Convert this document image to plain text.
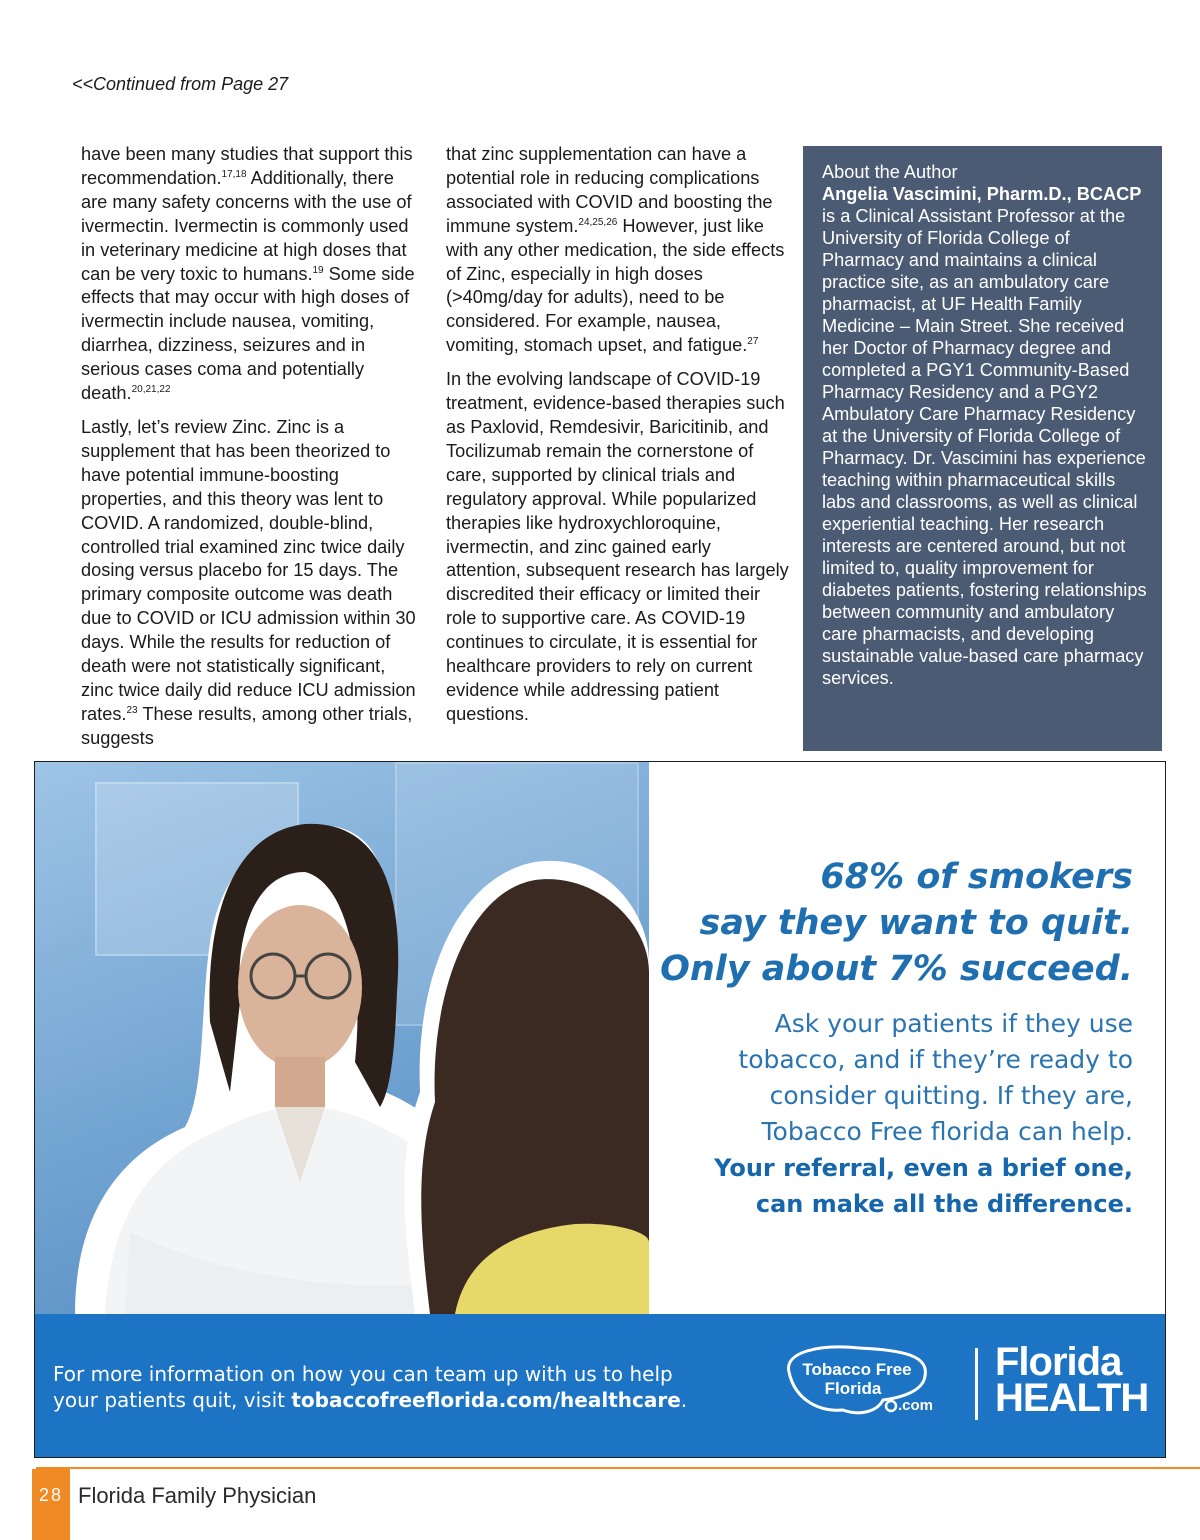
<<Continued from Page 27

have been many studies that support this recommendation.$^{17,18}$ Additionally, there are many safety concerns with the use of ivermectin. Ivermectin is commonly used in veterinary medicine at high doses that can be very toxic to humans.$^{19}$ Some side effects that may occur with high doses of ivermectin include nausea, vomiting, diarrhea, dizziness, seizures and in serious cases coma and potentially death.$^{20,21,22}$

Lastly, let’s review Zinc. Zinc is a supplement that has been theorized to have potential immune-boosting properties, and this theory was lent to COVID. A randomized, double-blind, controlled trial examined zinc twice daily dosing versus placebo for 15 days. The primary composite outcome was death due to COVID or ICU admission within 30 days. While the results for reduction of death were not statistically significant, zinc twice daily did reduce ICU admission rates.$^{23}$ These results, among other trials, suggests

that zinc supplementation can have a potential role in reducing complications associated with COVID and boosting the immune system.$^{24,25,26}$ However, just like with any other medication, the side effects of Zinc, especially in high doses (>40mg/day for adults), need to be considered. For example, nausea, vomiting, stomach upset, and fatigue.$^{27}$

In the evolving landscape of COVID-19 treatment, evidence-based therapies such as Paxlovid, Remdesivir, Baricitinib, and Tocilizumab remain the cornerstone of care, supported by clinical trials and regulatory approval. While popularized therapies like hydroxychloroquine, ivermectin, and zinc gained early attention, subsequent research has largely discredited their efficacy or limited their role to supportive care. As COVID-19 continues to circulate, it is essential for healthcare providers to rely on current evidence while addressing patient questions.

About the Author
Angelia Vascimini, Pharm.D., BCACP
is a Clinical Assistant Professor at the University of Florida College of Pharmacy and maintains a clinical practice site, as an ambulatory care pharmacist, at UF Health Family Medicine – Main Street. She received her Doctor of Pharmacy degree and completed a PGY1 Community-Based Pharmacy Residency and a PGY2 Ambulatory Care Pharmacy Residency at the University of Florida College of Pharmacy. Dr. Vascimini has experience teaching within pharmaceutical skills labs and classrooms, as well as clinical experiential teaching. Her research interests are centered around, but not limited to, quality improvement for diabetes patients, fostering relationships between community and ambulatory care pharmacists, and developing sustainable value-based care pharmacy services.
68% of smokers
say they want to quit.
Only about 7% succeed.
Ask your patients if they use
tobacco, and if they’re ready to
consider quitting. If they are,
Tobacco Free florida can help.
Your referral, even a brief one,
can make all the difference.
For more information on how you can team up with us to help
your patients quit, visit tobaccofreeflorida.com/healthcare.
Tobacco Free
Florida
.com
Florida
HEALTH
28 Florida Family Physician
